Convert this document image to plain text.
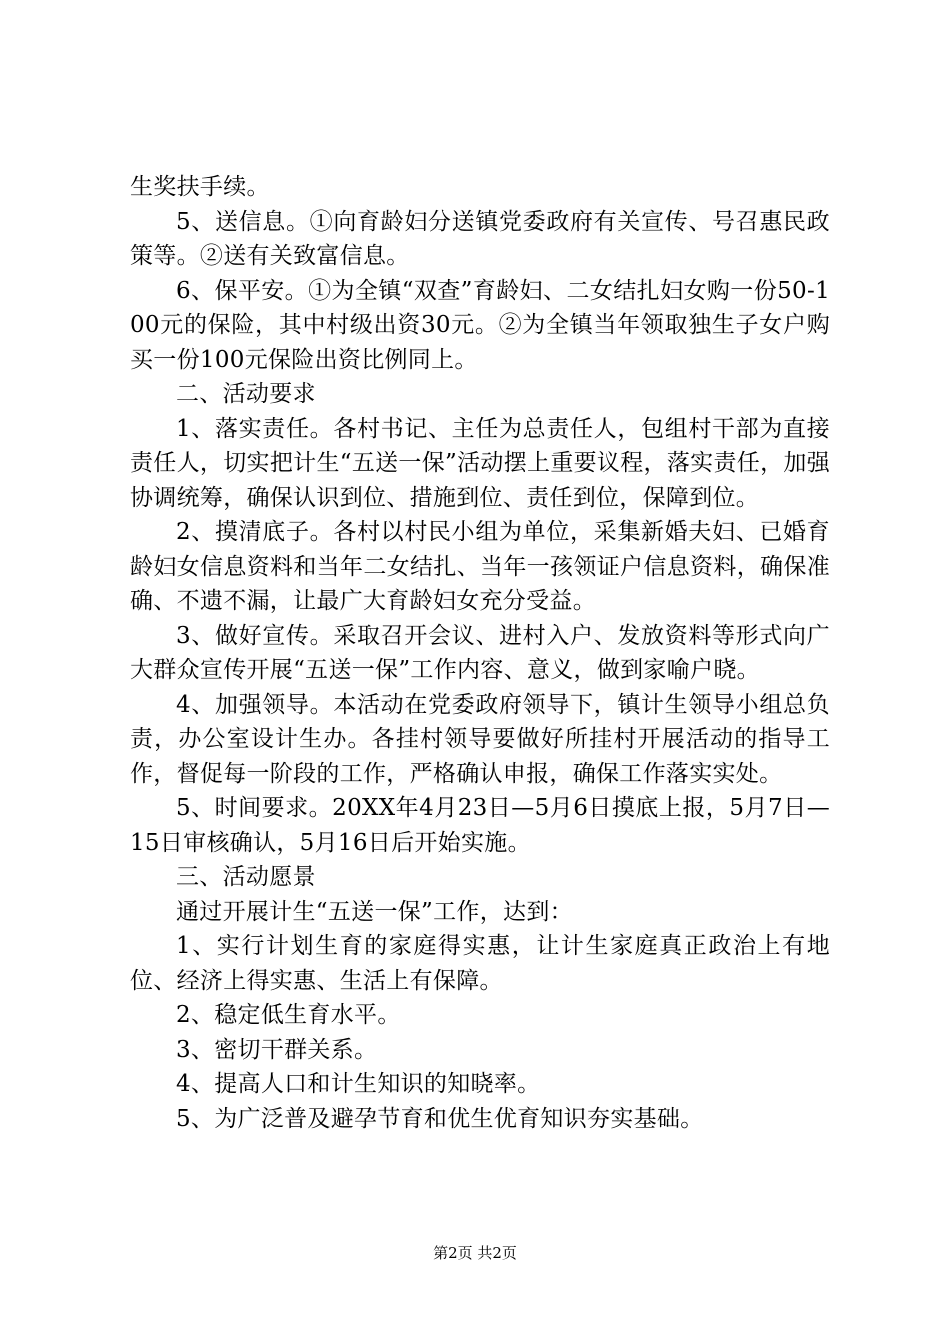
生奖扶手续。

5、送信息。①向育龄妇分送镇党委政府有关宣传、号召惠民政策等。②送有关致富信息。

6、保平安。①为全镇“双查”育龄妇、二女结扎妇女购一份50-100元的保险，其中村级出资30元。②为全镇当年领取独生子女户购买一份100元保险出资比例同上。

二、活动要求

1、落实责任。各村书记、主任为总责任人，包组村干部为直接责任人，切实把计生“五送一保”活动摆上重要议程，落实责任，加强协调统筹，确保认识到位、措施到位、责任到位，保障到位。

2、摸清底子。各村以村民小组为单位，采集新婚夫妇、已婚育龄妇女信息资料和当年二女结扎、当年一孩领证户信息资料，确保准确、不遗不漏，让最广大育龄妇女充分受益。

3、做好宣传。采取召开会议、进村入户、发放资料等形式向广大群众宣传开展“五送一保”工作内容、意义，做到家喻户晓。

4、加强领导。本活动在党委政府领导下，镇计生领导小组总负责，办公室设计生办。各挂村领导要做好所挂村开展活动的指导工作，督促每一阶段的工作，严格确认申报，确保工作落实实处。

5、时间要求。20XX年4月23日—5月6日摸底上报，5月7日—15日审核确认，5月16日后开始实施。

三、活动愿景

通过开展计生“五送一保”工作，达到：

1、实行计划生育的家庭得实惠，让计生家庭真正政治上有地位、经济上得实惠、生活上有保障。

2、稳定低生育水平。

3、密切干群关系。

4、提高人口和计生知识的知晓率。

5、为广泛普及避孕节育和优生优育知识夯实基础。

第2页 共2页
